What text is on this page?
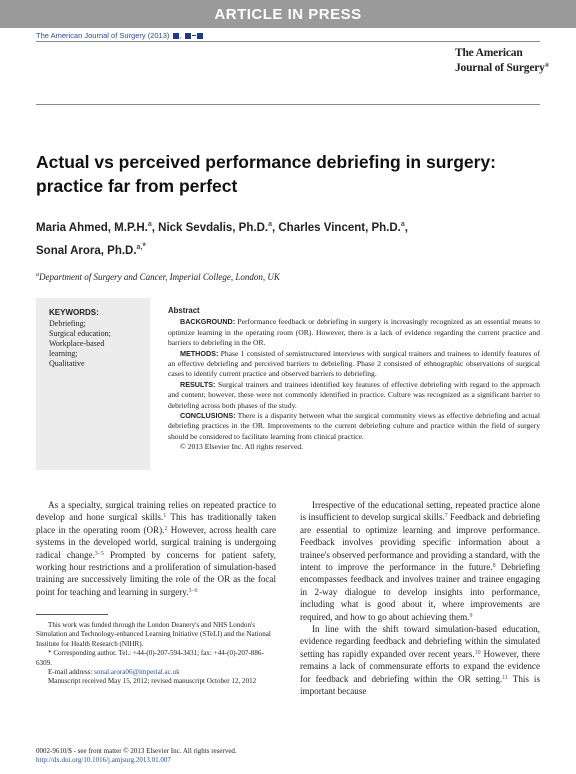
ARTICLE IN PRESS
The American Journal of Surgery (2013) ,
The American
Journal of Surgery®
Actual vs perceived performance debriefing in surgery:
practice far from perfect
Maria Ahmed, M.P.H.$^a$, Nick Sevdalis, Ph.D.$^a$, Charles Vincent, Ph.D.$^a$,
Sonal Arora, Ph.D.$^{a,*}$
$^a$Department of Surgery and Cancer, Imperial College, London, UK
KEYWORDS:
Debriefing;
Surgical education;
Workplace-based
learning;
Qualitative
Abstract

BACKGROUND: Performance feedback or debriefing in surgery is increasingly recognized as an essential means to optimize learning in the operating room (OR). However, there is a lack of evidence regarding the current practice and barriers to debriefing in the OR.

METHODS: Phase 1 consisted of semistructured interviews with surgical trainers and trainees to identify features of an effective debriefing and perceived barriers to debriefing. Phase 2 consisted of ethnographic observations of surgical cases to identify current practice and observed barriers to debriefing.

RESULTS: Surgical trainers and trainees identified key features of effective debriefing with regard to the approach and content; however, these were not commonly identified in practice. Culture was recognized as a significant barrier to debriefing across both phases of the study.

CONCLUSIONS: There is a disparity between what the surgical community views as effective debriefing and actual debriefing practices in the OR. Improvements to the current debriefing culture and practice within the field of surgery should be considered to facilitate learning from clinical practice.

© 2013 Elsevier Inc. All rights reserved.

As a specialty, surgical training relies on repeated practice to develop and hone surgical skills.$^1$ This has traditionally taken place in the operating room (OR).$^2$ However, across health care systems in the developed world, surgical training is undergoing radical change.$^{3-5}$ Prompted by concerns for patient safety, working hour restrictions and a proliferation of simulation-based training are successively limiting the role of the OR as the focal point for teaching and learning in surgery.$^{3-6}$

This work was funded through the London Deanery's and NHS London's Simulation and Technology-enhanced Learning Initiative (STeLI) and the National Institute for Health Research (NIHR).

* Corresponding author. Tel.: +44-(0)-207-594-3431; fax: +44-(0)-207-886-6309.

E-mail address: sonal.arora06@imperial.ac.uk

Manuscript received May 15, 2012; revised manuscript October 12, 2012

Irrespective of the educational setting, repeated practice alone is insufficient to develop surgical skills.$^7$ Feedback and debriefing are essential to optimize learning and improve performance. Feedback involves providing specific information about a trainee's observed performance and providing a standard, with the intent to improve the performance in the future.$^8$ Debriefing encompasses feedback and involves trainer and trainee engaging in 2-way dialogue to develop insights into performance, including what is good about it, where improvements are required, and how to go about achieving them.$^9$

In line with the shift toward simulation-based education, evidence regarding feedback and debriefing within the simulated setting has rapidly expanded over recent years.$^{10}$ However, there remains a lack of commensurate efforts to expand the evidence for feedback and debriefing within the OR setting.$^{11}$ This is important because

0002-9610/$ - see front matter © 2013 Elsevier Inc. All rights reserved.
http://dx.doi.org/10.1016/j.amjsurg.2013.01.007
